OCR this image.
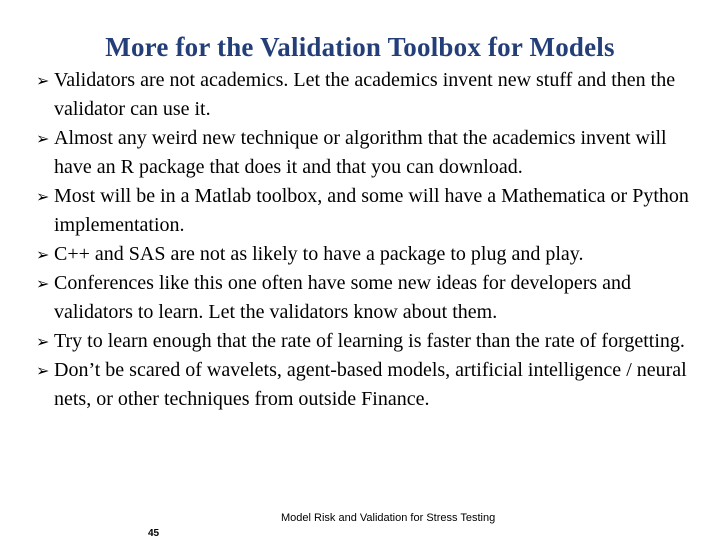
More for the Validation Toolbox for Models
➢ Validators are not academics. Let the academics invent new stuff and then the validator can use it.
➢ Almost any weird new technique or algorithm that the academics invent will have an R package that does it and that you can download.
➢ Most will be in a Matlab toolbox, and some will have a Mathematica or Python implementation.
➢ C++ and SAS are not as likely to have a package to plug and play.
➢ Conferences like this one often have some new ideas for developers and validators to learn. Let the validators know about them.
➢ Try to learn enough that the rate of learning is faster than the rate of forgetting.
➢ Don’t be scared of wavelets, agent-based models, artificial intelligence / neural nets, or other techniques from outside Finance.
Model Risk and Validation for Stress Testing
45
